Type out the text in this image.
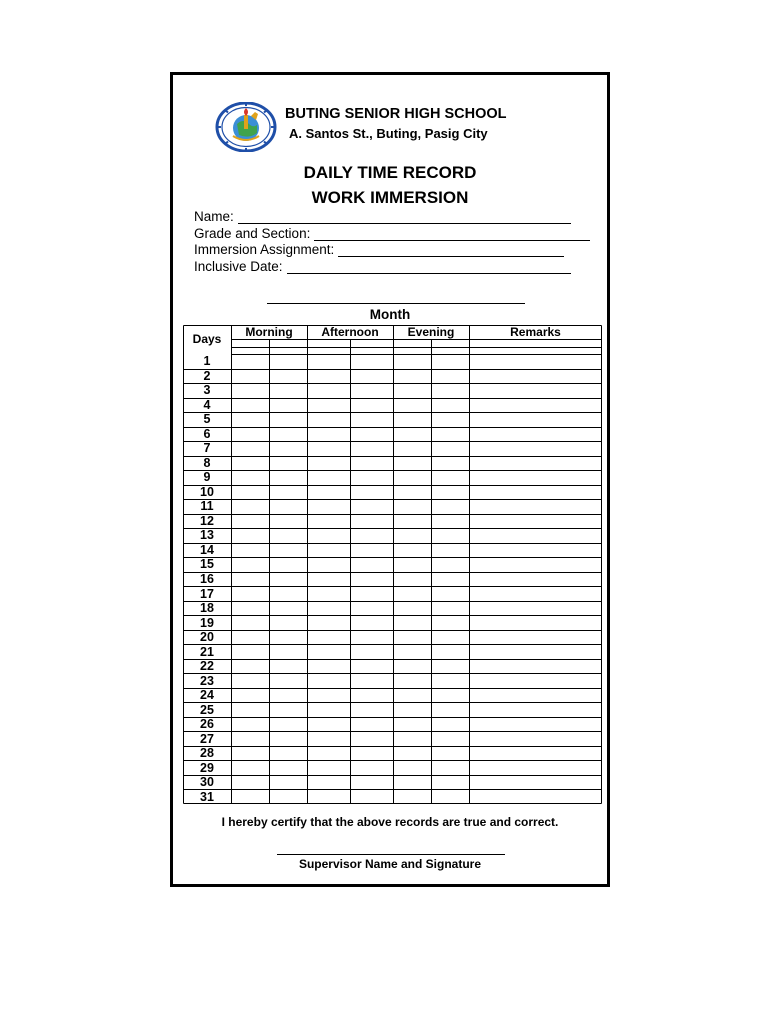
BUTING SENIOR HIGH SCHOOL
A. Santos St., Buting, Pasig City
DAILY TIME RECORD
WORK IMMERSION
Name:
Grade and Section:
Immersion Assignment:
Inclusive Date:
Month
Days	Morning	Afternoon	Evening	Remarks
1
2
3
4
5
6
7
8
9
10
11
12
13
14
15
16
17
18
19
20
21
22
23
24
25
26
27
28
29
30
31
I hereby certify that the above records are true and correct.
Supervisor Name and Signature
